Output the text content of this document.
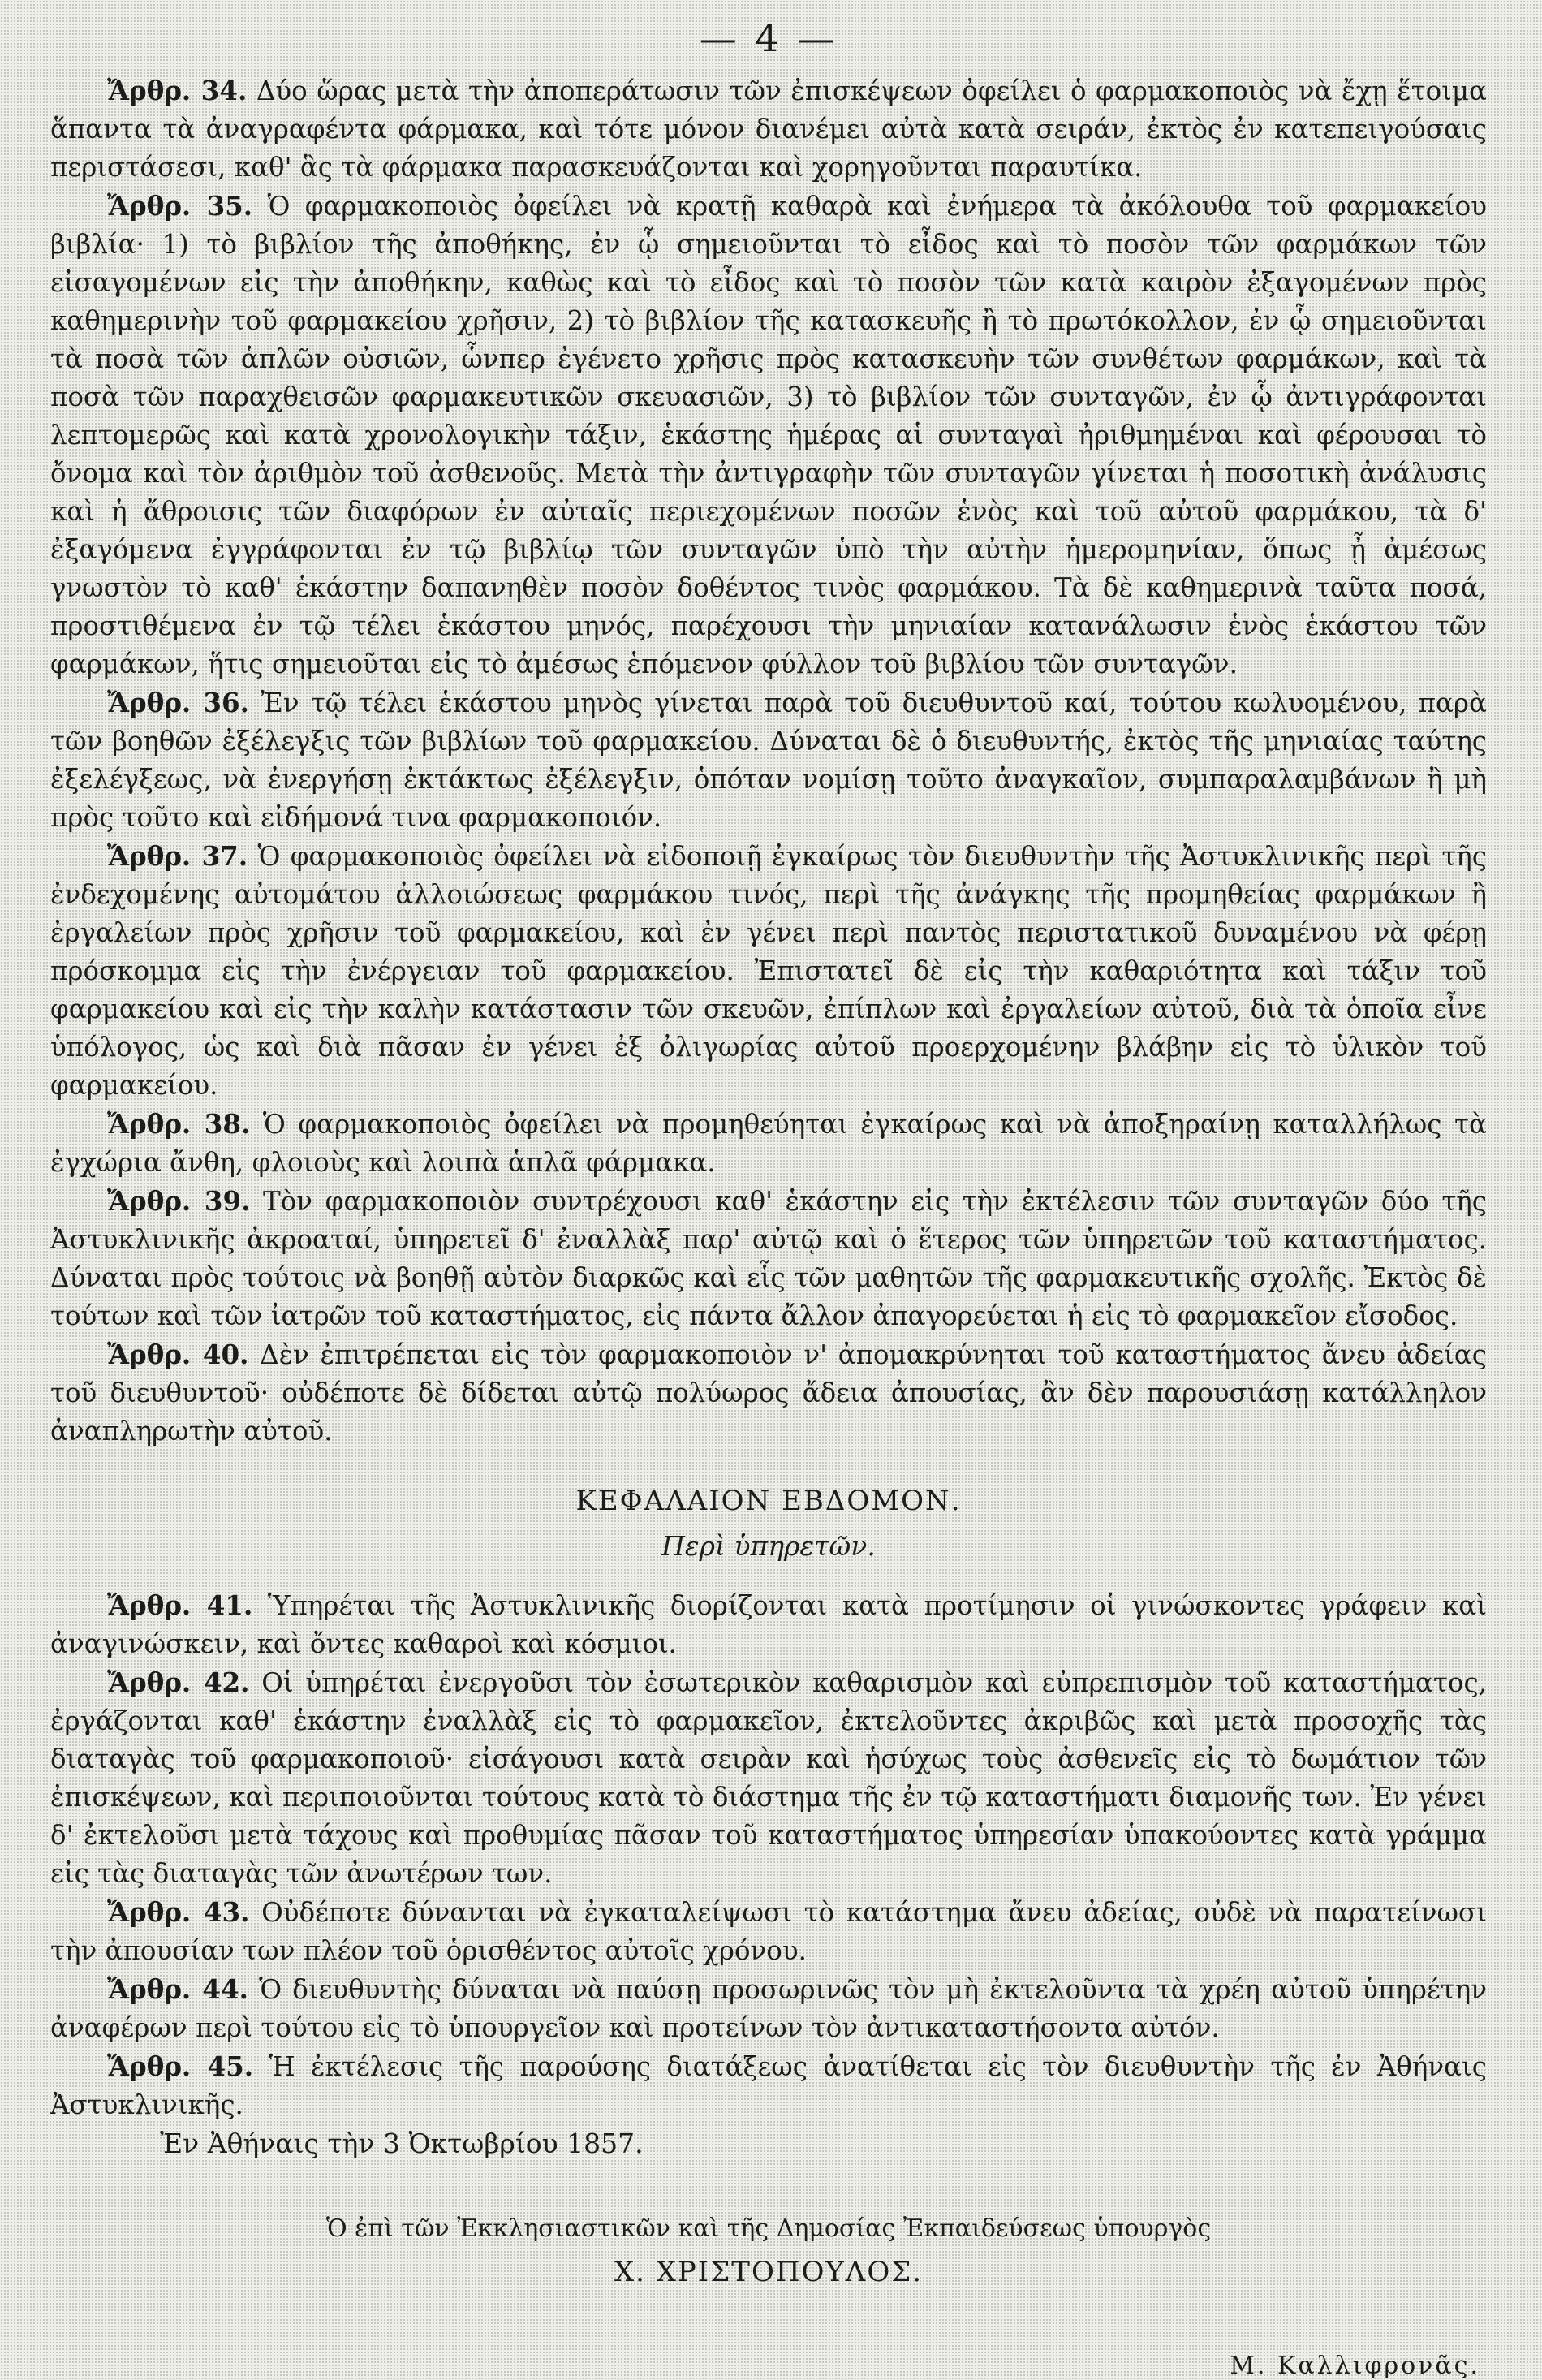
— 4 —

Ἄρθρ. 34. Δύο ὥρας μετὰ τὴν ἀποπεράτωσιν τῶν ἐπισκέψεων ὀφείλει ὁ φαρμακοποιὸς νὰ ἔχῃ ἕτοιμα ἅπαντα τὰ ἀναγραφέντα φάρμακα, καὶ τότε μόνον διανέμει αὐτὰ κατὰ σειράν, ἐκτὸς ἐν κατεπειγούσαις περιστάσεσι, καθ' ἃς τὰ φάρμακα παρασκευάζονται καὶ χορηγοῦνται παραυτίκα.

Ἄρθρ. 35. Ὁ φαρμακοποιὸς ὀφείλει νὰ κρατῇ καθαρὰ καὶ ἐνήμερα τὰ ἀκόλουθα τοῦ φαρμακείου βιβλία· 1) τὸ βιβλίον τῆς ἀποθήκης, ἐν ᾧ σημειοῦνται τὸ εἶδος καὶ τὸ ποσὸν τῶν φαρμάκων τῶν εἰσαγομένων εἰς τὴν ἀποθήκην, καθὼς καὶ τὸ εἶδος καὶ τὸ ποσὸν τῶν κατὰ καιρὸν ἐξαγομένων πρὸς καθημερινὴν τοῦ φαρμακείου χρῆσιν, 2) τὸ βιβλίον τῆς κατασκευῆς ἢ τὸ πρωτόκολλον, ἐν ᾧ σημειοῦνται τὰ ποσὰ τῶν ἁπλῶν οὐσιῶν, ὧνπερ ἐγένετο χρῆσις πρὸς κατασκευὴν τῶν συνθέτων φαρμάκων, καὶ τὰ ποσὰ τῶν παραχθεισῶν φαρμακευτικῶν σκευασιῶν, 3) τὸ βιβλίον τῶν συνταγῶν, ἐν ᾧ ἀντιγράφονται λεπτομερῶς καὶ κατὰ χρονολογικὴν τάξιν, ἑκάστης ἡμέρας αἱ συνταγαὶ ἠριθμημέναι καὶ φέρουσαι τὸ ὄνομα καὶ τὸν ἀριθμὸν τοῦ ἀσθενοῦς. Μετὰ τὴν ἀντιγραφὴν τῶν συνταγῶν γίνεται ἡ ποσοτικὴ ἀνάλυσις καὶ ἡ ἄθροισις τῶν διαφόρων ἐν αὐταῖς περιεχομένων ποσῶν ἑνὸς καὶ τοῦ αὐτοῦ φαρμάκου, τὰ δ' ἐξαγόμενα ἐγγράφονται ἐν τῷ βιβλίῳ τῶν συνταγῶν ὑπὸ τὴν αὐτὴν ἡμερομηνίαν, ὅπως ᾖ ἀμέσως γνωστὸν τὸ καθ' ἑκάστην δαπανηθὲν ποσὸν δοθέντος τινὸς φαρμάκου. Τὰ δὲ καθημερινὰ ταῦτα ποσά, προστιθέμενα ἐν τῷ τέλει ἑκάστου μηνός, παρέχουσι τὴν μηνιαίαν κατανάλωσιν ἑνὸς ἑκάστου τῶν φαρμάκων, ἥτις σημειοῦται εἰς τὸ ἀμέσως ἑπόμενον φύλλον τοῦ βιβλίου τῶν συνταγῶν.

Ἄρθρ. 36. Ἐν τῷ τέλει ἑκάστου μηνὸς γίνεται παρὰ τοῦ διευθυντοῦ καί, τούτου κωλυομένου, παρὰ τῶν βοηθῶν ἐξέλεγξις τῶν βιβλίων τοῦ φαρμακείου. Δύναται δὲ ὁ διευθυντής, ἐκτὸς τῆς μηνιαίας ταύτης ἐξελέγξεως, νὰ ἐνεργήσῃ ἐκτάκτως ἐξέλεγξιν, ὁπόταν νομίσῃ τοῦτο ἀναγκαῖον, συμπαραλαμβάνων ἢ μὴ πρὸς τοῦτο καὶ εἰδήμονά τινα φαρμακοποιόν.

Ἄρθρ. 37. Ὁ φαρμακοποιὸς ὀφείλει νὰ εἰδοποιῇ ἐγκαίρως τὸν διευθυντὴν τῆς Ἀστυκλινικῆς περὶ τῆς ἐνδεχομένης αὐτομάτου ἀλλοιώσεως φαρμάκου τινός, περὶ τῆς ἀνάγκης τῆς προμηθείας φαρμάκων ἢ ἐργαλείων πρὸς χρῆσιν τοῦ φαρμακείου, καὶ ἐν γένει περὶ παντὸς περιστατικοῦ δυναμένου νὰ φέρῃ πρόσκομμα εἰς τὴν ἐνέργειαν τοῦ φαρμακείου. Ἐπιστατεῖ δὲ εἰς τὴν καθαριότητα καὶ τάξιν τοῦ φαρμακείου καὶ εἰς τὴν καλὴν κατάστασιν τῶν σκευῶν, ἐπίπλων καὶ ἐργαλείων αὐτοῦ, διὰ τὰ ὁποῖα εἶνε ὑπόλογος, ὡς καὶ διὰ πᾶσαν ἐν γένει ἐξ ὀλιγωρίας αὐτοῦ προερχομένην βλάβην εἰς τὸ ὑλικὸν τοῦ φαρμακείου.

Ἄρθρ. 38. Ὁ φαρμακοποιὸς ὀφείλει νὰ προμηθεύηται ἐγκαίρως καὶ νὰ ἀποξηραίνῃ καταλλήλως τὰ ἐγχώρια ἄνθη, φλοιοὺς καὶ λοιπὰ ἁπλᾶ φάρμακα.

Ἄρθρ. 39. Τὸν φαρμακοποιὸν συντρέχουσι καθ' ἑκάστην εἰς τὴν ἐκτέλεσιν τῶν συνταγῶν δύο τῆς Ἀστυκλινικῆς ἀκροαταί, ὑπηρετεῖ δ' ἐναλλὰξ παρ' αὐτῷ καὶ ὁ ἕτερος τῶν ὑπηρετῶν τοῦ καταστήματος. Δύναται πρὸς τούτοις νὰ βοηθῇ αὐτὸν διαρκῶς καὶ εἷς τῶν μαθητῶν τῆς φαρμακευτικῆς σχολῆς. Ἐκτὸς δὲ τούτων καὶ τῶν ἰατρῶν τοῦ καταστήματος, εἰς πάντα ἄλλον ἀπαγορεύεται ἡ εἰς τὸ φαρμακεῖον εἴσοδος.

Ἄρθρ. 40. Δὲν ἐπιτρέπεται εἰς τὸν φαρμακοποιὸν ν' ἀπομακρύνηται τοῦ καταστήματος ἄνευ ἀδείας τοῦ διευθυντοῦ· οὐδέποτε δὲ δίδεται αὐτῷ πολύωρος ἄδεια ἀπουσίας, ἂν δὲν παρουσιάσῃ κατάλληλον ἀναπληρωτὴν αὐτοῦ.

ΚΕΦΑΛΑΙΟΝ ΕΒΔΟΜΟΝ.
Περὶ ὑπηρετῶν.

Ἄρθρ. 41. Ὑπηρέται τῆς Ἀστυκλινικῆς διορίζονται κατὰ προτίμησιν οἱ γινώσκοντες γράφειν καὶ ἀναγινώσκειν, καὶ ὄντες καθαροὶ καὶ κόσμιοι.

Ἄρθρ. 42. Οἱ ὑπηρέται ἐνεργοῦσι τὸν ἐσωτερικὸν καθαρισμὸν καὶ εὐπρεπισμὸν τοῦ καταστήματος, ἐργάζονται καθ' ἑκάστην ἐναλλὰξ εἰς τὸ φαρμακεῖον, ἐκτελοῦντες ἀκριβῶς καὶ μετὰ προσοχῆς τὰς διαταγὰς τοῦ φαρμακοποιοῦ· εἰσάγουσι κατὰ σειρὰν καὶ ἡσύχως τοὺς ἀσθενεῖς εἰς τὸ δωμάτιον τῶν ἐπισκέψεων, καὶ περιποιοῦνται τούτους κατὰ τὸ διάστημα τῆς ἐν τῷ καταστήματι διαμονῆς των. Ἐν γένει δ' ἐκτελοῦσι μετὰ τάχους καὶ προθυμίας πᾶσαν τοῦ καταστήματος ὑπηρεσίαν ὑπακούοντες κατὰ γράμμα εἰς τὰς διαταγὰς τῶν ἀνωτέρων των.

Ἄρθρ. 43. Οὐδέποτε δύνανται νὰ ἐγκαταλείψωσι τὸ κατάστημα ἄνευ ἀδείας, οὐδὲ νὰ παρατείνωσι τὴν ἀπουσίαν των πλέον τοῦ ὁρισθέντος αὐτοῖς χρόνου.

Ἄρθρ. 44. Ὁ διευθυντὴς δύναται νὰ παύσῃ προσωρινῶς τὸν μὴ ἐκτελοῦντα τὰ χρέη αὐτοῦ ὑπηρέτην ἀναφέρων περὶ τούτου εἰς τὸ ὑπουργεῖον καὶ προτείνων τὸν ἀντικαταστήσοντα αὐτόν.

Ἄρθρ. 45. Ἡ ἐκτέλεσις τῆς παρούσης διατάξεως ἀνατίθεται εἰς τὸν διευθυντὴν τῆς ἐν Ἀθήναις Ἀστυκλινικῆς.

Ἐν Ἀθήναις τὴν 3 Ὀκτωβρίου 1857.

Ὁ ἐπὶ τῶν Ἐκκλησιαστικῶν καὶ τῆς Δημοσίας Ἐκπαιδεύσεως ὑπουργὸς

Χ. ΧΡΙΣΤΟΠΟΥΛΟΣ.

Μ. Καλλιφρονᾶς.
